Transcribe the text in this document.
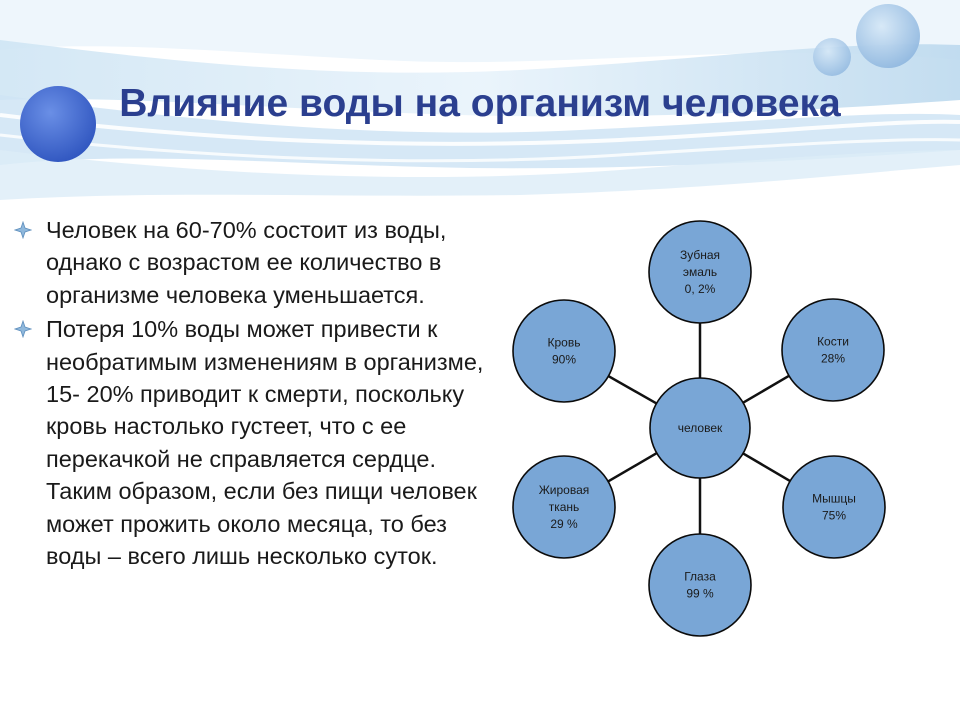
Влияние воды на организм человека
Человек на 60-70% состоит из воды, однако с возрастом ее количество в организме человека уменьшается.
Потеря 10% воды может привести к необратимым изменениям в организме, 15- 20% приводит к смерти, поскольку кровь настолько густеет, что с ее перекачкой не справляется сердце. Таким образом, если без пищи человек может прожить около месяца, то без воды – всего лишь несколько суток.
Зубная
эмаль
0, 2%
Кости
28%
Мышцы
75%
Глаза
99 %
Жировая
ткань
29 %
Кровь
90%
человек
